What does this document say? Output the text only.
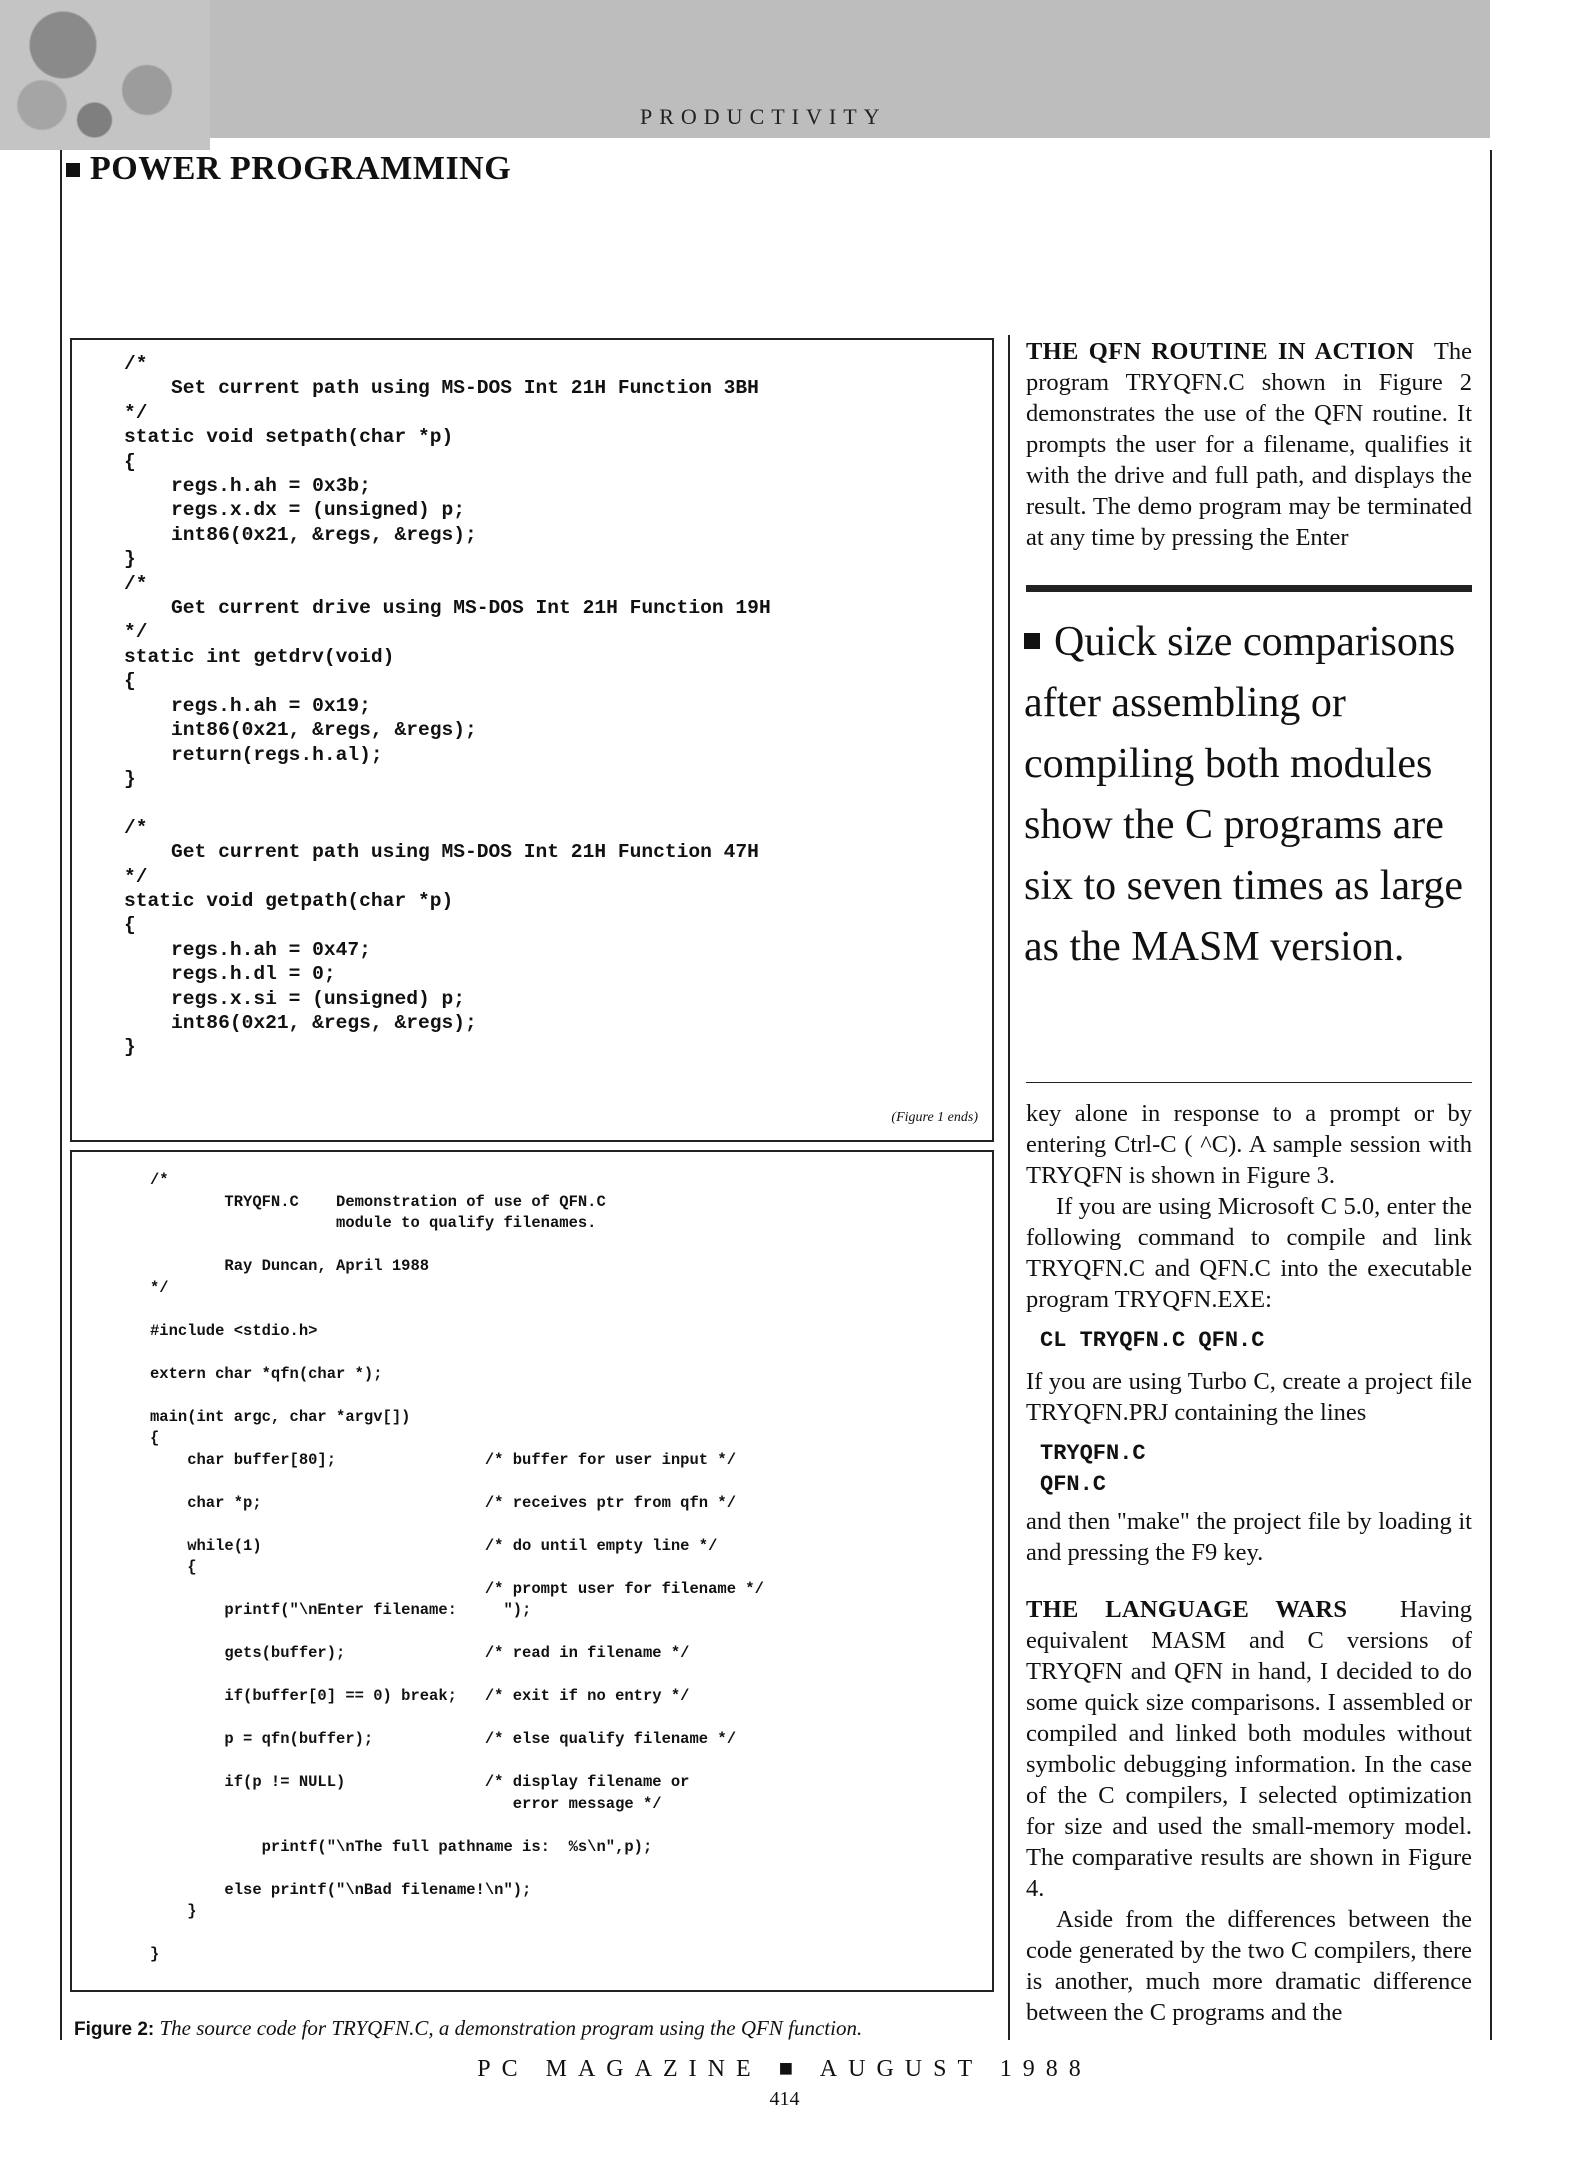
PRODUCTIVITY
POWER PROGRAMMING
(Figure 1 ends)
/*
Set current path using MS-DOS Int 21H Function 3BH
*/
static void setpath(char *p)
{
regs.h.ah = 0x3b;
regs.x.dx = (unsigned) p;
int86(0x21, &regs, &regs);
}
/*
Get current drive using MS-DOS Int 21H Function 19H
*/
static int getdrv(void)
{
regs.h.ah = 0x19;
int86(0x21, &regs, &regs);
return(regs.h.al);
}

/*
Get current path using MS-DOS Int 21H Function 47H
*/
static void getpath(char *p)
{
regs.h.ah = 0x47;
regs.h.dl = 0;
regs.x.si = (unsigned) p;
int86(0x21, &regs, &regs);
}
/*
TRYQFN.C    Demonstration of use of QFN.C
module to qualify filenames.

Ray Duncan, April 1988
*/

#include <stdio.h>

extern char *qfn(char *);

main(int argc, char *argv[])
{
char buffer[80];                /* buffer for user input */

char *p;                        /* receives ptr from qfn */

while(1)                        /* do until empty line */
{
/* prompt user for filename */
printf("\nEnter filename:     ");

gets(buffer);               /* read in filename */

if(buffer[0] == 0) break;   /* exit if no entry */

p = qfn(buffer);            /* else qualify filename */

if(p != NULL)               /* display filename or
error message */

printf("\nThe full pathname is:  %s\n",p);

else printf("\nBad filename!\n");
}

}
Figure 2: The source code for TRYQFN.C, a demonstration program using the QFN function.

THE QFN ROUTINE IN ACTION The program TRYQFN.C shown in Figure 2 demonstrates the use of the QFN routine. It prompts the user for a filename, qualifies it with the drive and full path, and displays the result. The demo program may be terminated at any time by pressing the Enter

Quick size comparisons after assembling or compiling both modules show the C programs are six to seven times as large as the MASM version.

key alone in response to a prompt or by entering Ctrl-C ( ^C). A sample session with TRYQFN is shown in Figure 3.

If you are using Microsoft C 5.0, enter the following command to compile and link TRYQFN.C and QFN.C into the executable program TRYQFN.EXE:

CL TRYQFN.C QFN.C

If you are using Turbo C, create a project file TRYQFN.PRJ containing the lines

TRYQFN.C

QFN.C

and then "make" the project file by loading it and pressing the F9 key.

THE LANGUAGE WARS Having equivalent MASM and C versions of TRYQFN and QFN in hand, I decided to do some quick size comparisons. I assembled or compiled and linked both modules without symbolic debugging information. In the case of the C compilers, I selected optimization for size and used the small-memory model. The comparative results are shown in Figure 4.

Aside from the differences between the code generated by the two C compilers, there is another, much more dramatic difference between the C programs and the

PC MAGAZINE ■ AUGUST 1988
414
